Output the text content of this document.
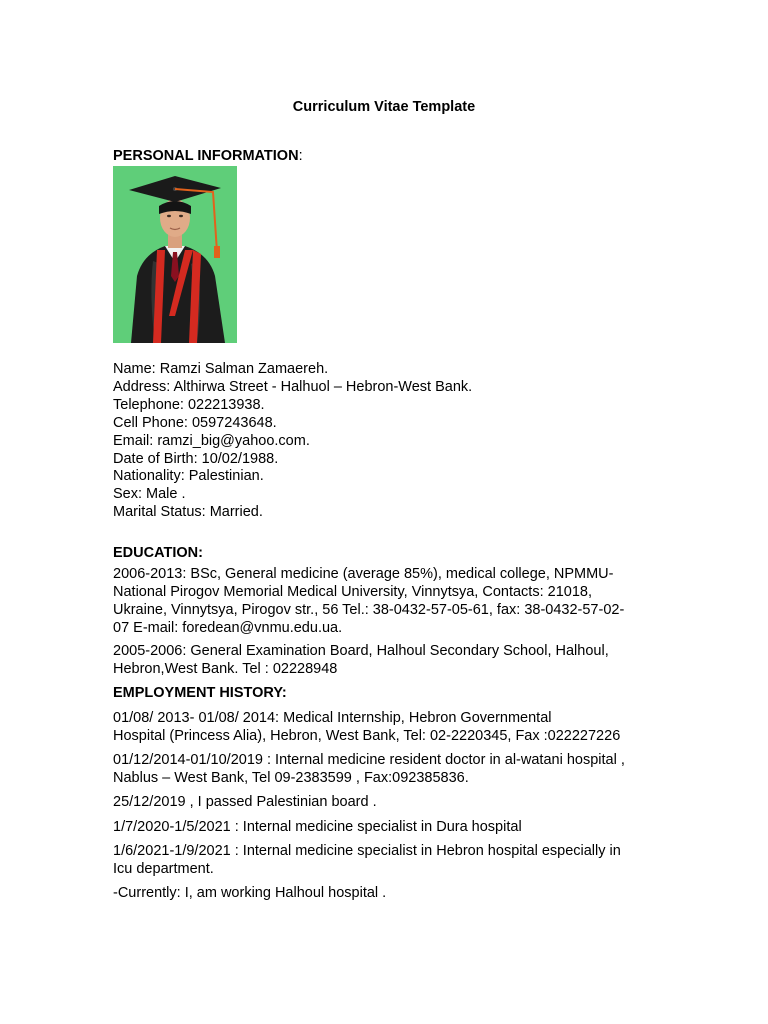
Curriculum Vitae Template
PERSONAL INFORMATION:
Name: Ramzi Salman Zamaereh.
Address: Althirwa Street - Halhuol – Hebron-West Bank.
Telephone: 022213938.
Cell Phone: 0597243648.
Email: ramzi_big@yahoo.com.
Date of Birth: 10/02/1988.
Nationality: Palestinian.
Sex: Male .
Marital Status: Married.
EDUCATION:
2006-2013: BSc, General medicine (average 85%), medical college, NPMMU-
National Pirogov Memorial Medical University, Vinnytsya, Contacts: 21018,
Ukraine, Vinnytsya, Pirogov str., 56 Tel.: 38-0432-57-05-61, fax: 38-0432-57-02-
07 E-mail: foredean@vnmu.edu.ua.
2005-2006: General Examination Board, Halhoul Secondary School, Halhoul,
Hebron,West Bank. Tel : 02228948
EMPLOYMENT HISTORY:
01/08/ 2013- 01/08/ 2014: Medical Internship, Hebron Governmental
Hospital (Princess Alia), Hebron, West Bank, Tel: 02-2220345, Fax :022227226
01/12/2014-01/10/2019 : Internal medicine resident doctor in al-watani hospital ,
Nablus – West Bank, Tel 09-2383599 , Fax:092385836.
25/12/2019 , I passed Palestinian board .
1/7/2020-1/5/2021 : Internal medicine specialist in Dura hospital
1/6/2021-1/9/2021 : Internal medicine specialist in Hebron hospital especially in
Icu department.
-Currently: I, am working Halhoul hospital .
